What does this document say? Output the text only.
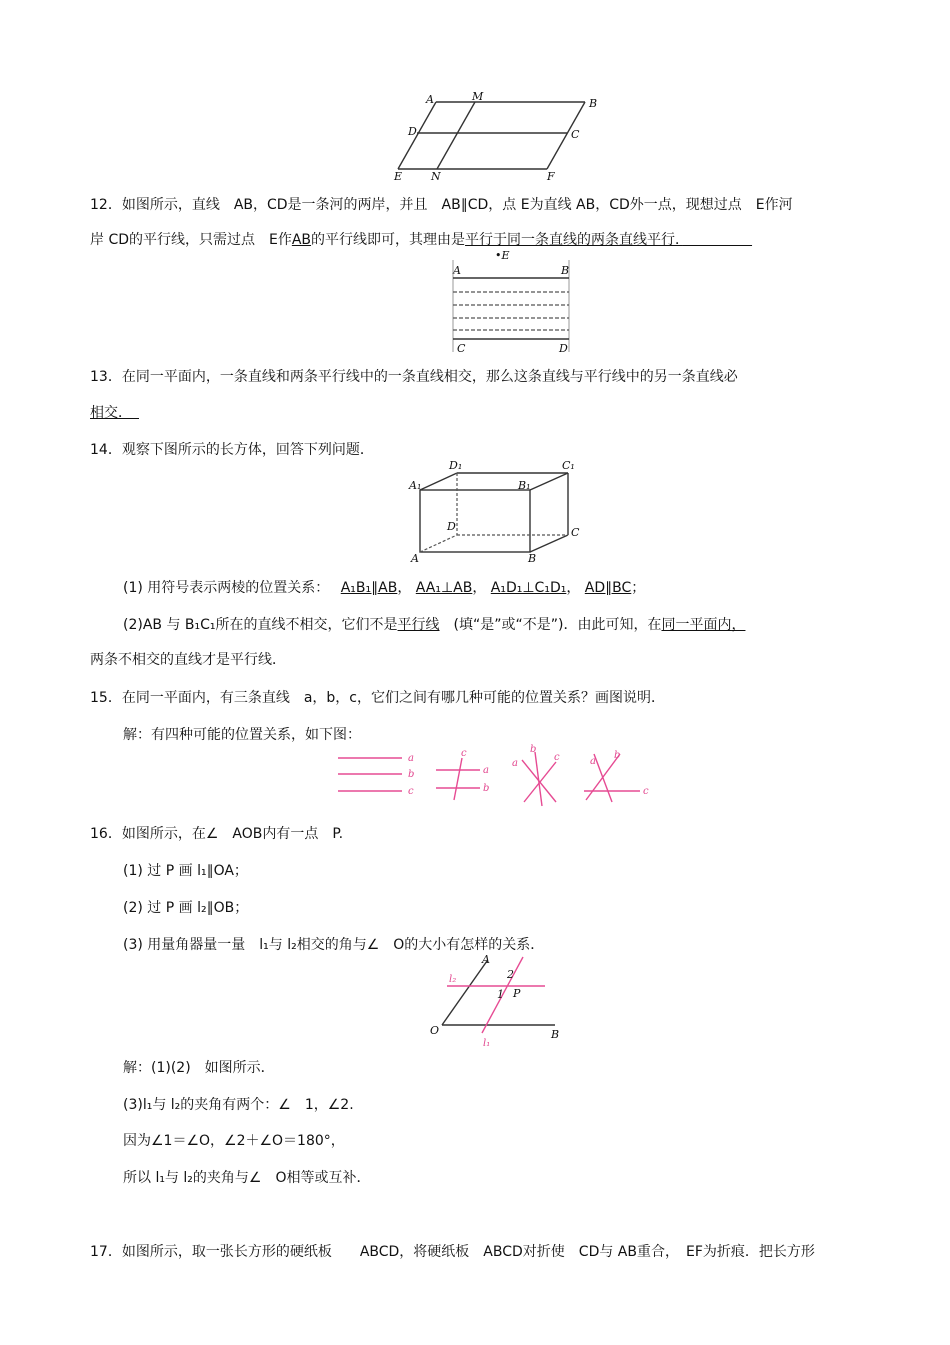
A	M
B
D	C
E	N	F
12．如图所示，直线　AB，CD是一条河的两岸，并且　AB∥CD，点 E为直线 AB，CD外一点，现想过点　E作河
岸 CD的平行线，只需过点　E作AB的平行线即可，其理由是平行于同一条直线的两条直线平行．　　　　　
•E
A	B
C	D
13．在同一平面内，一条直线和两条平行线中的一条直线相交，那么这条直线与平行线中的另一条直线必
相交．　
14．观察下图所示的长方体，回答下列问题．
D₁	C₁
A₁	B₁
D	C
A	B
(1) 用符号表示两棱的位置关系：　 A₁B₁∥AB， AA₁⊥AB， A₁D₁⊥C₁D₁， AD∥BC；
(2)AB 与 B₁C₁所在的直线不相交，它们不是平行线　 (填“是”或“不是”)．由此可知，在同一平面内，
两条不相交的直线才是平行线．
15．在同一平面内，有三条直线　a，b，c，它们之间有哪几种可能的位置关系？画图说明．
解：有四种可能的位置关系，如下图：
a
b
c
c
a
b
a
b
c	a
b
c
16．如图所示，在∠　AOB内有一点　P.
(1) 过 P 画 l₁∥OA；
(2) 过 P 画 l₂∥OB；
(3) 用量角器量一量　l₁与 l₂相交的角与∠　O的大小有怎样的关系．
A
l₂	2
1 P
O	B
l₁
解：(1)(2)　如图所示．
(3)l₁与 l₂的夹角有两个：∠　1，∠2.
因为∠1＝∠O，∠2＋∠O＝180°，
所以 l₁与 l₂的夹角与∠　O相等或互补．
17．如图所示，取一张长方形的硬纸板　　ABCD，将硬纸板　ABCD对折使　CD与 AB重合，　EF为折痕．把长方形
